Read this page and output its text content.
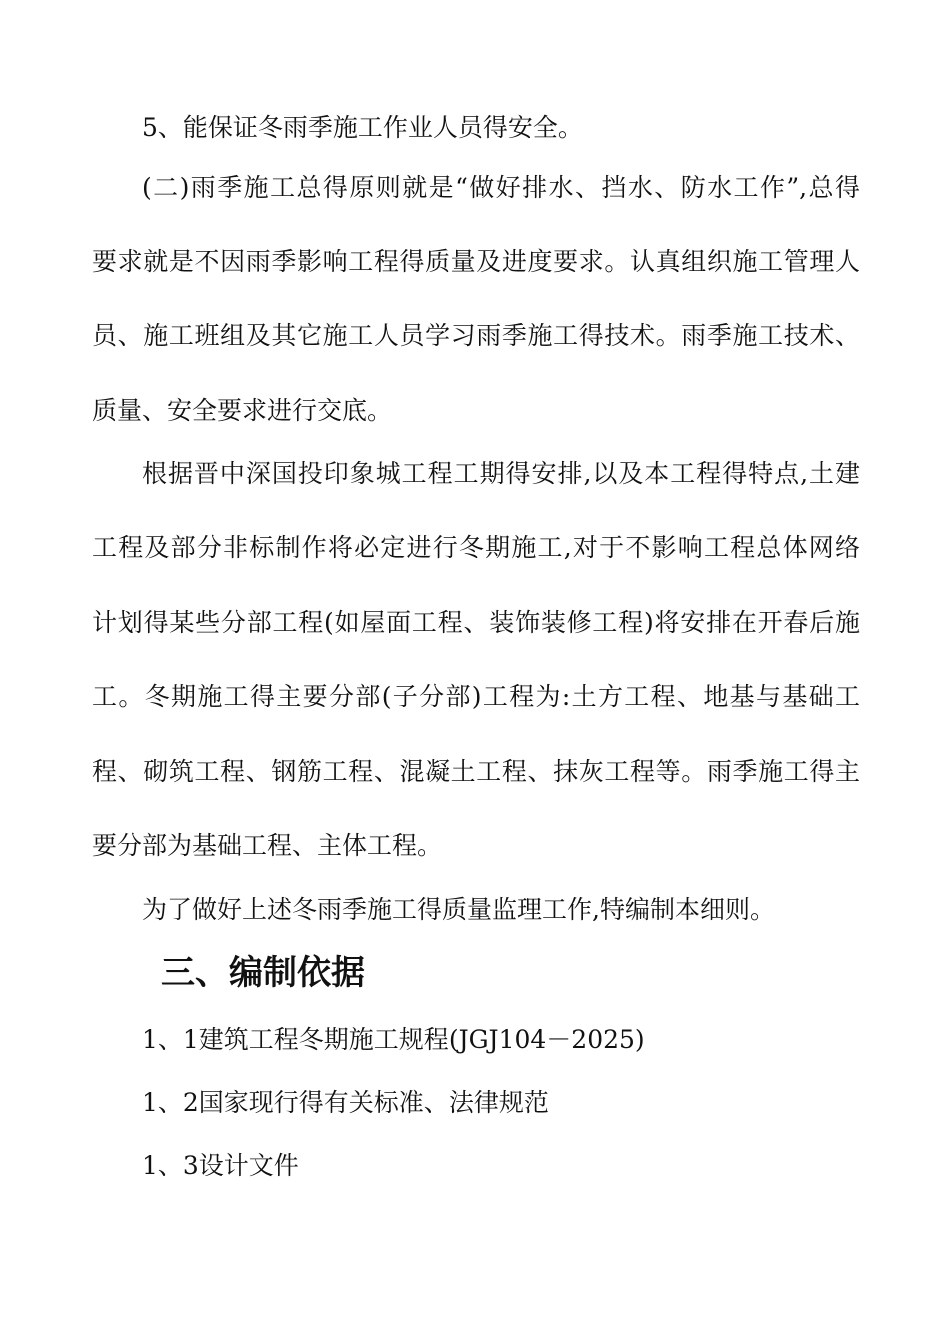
5、能保证冬雨季施工作业人员得安全。
(二)雨季施工总得原则就是“做好排水、挡水、防水工作”,总得
要求就是不因雨季影响工程得质量及进度要求。认真组织施工管理人
员、施工班组及其它施工人员学习雨季施工得技术。雨季施工技术、
质量、安全要求进行交底。
根据晋中深国投印象城工程工期得安排,以及本工程得特点,土建
工程及部分非标制作将必定进行冬期施工,对于不影响工程总体网络
计划得某些分部工程(如屋面工程、装饰装修工程)将安排在开春后施
工。冬期施工得主要分部(子分部)工程为:土方工程、地基与基础工
程、砌筑工程、钢筋工程、混凝土工程、抹灰工程等。雨季施工得主
要分部为基础工程、主体工程。
为了做好上述冬雨季施工得质量监理工作,特编制本细则。
三、编制依据
1、1建筑工程冬期施工规程(JGJ104－2025)
1、2国家现行得有关标准、法律规范
1、3设计文件
